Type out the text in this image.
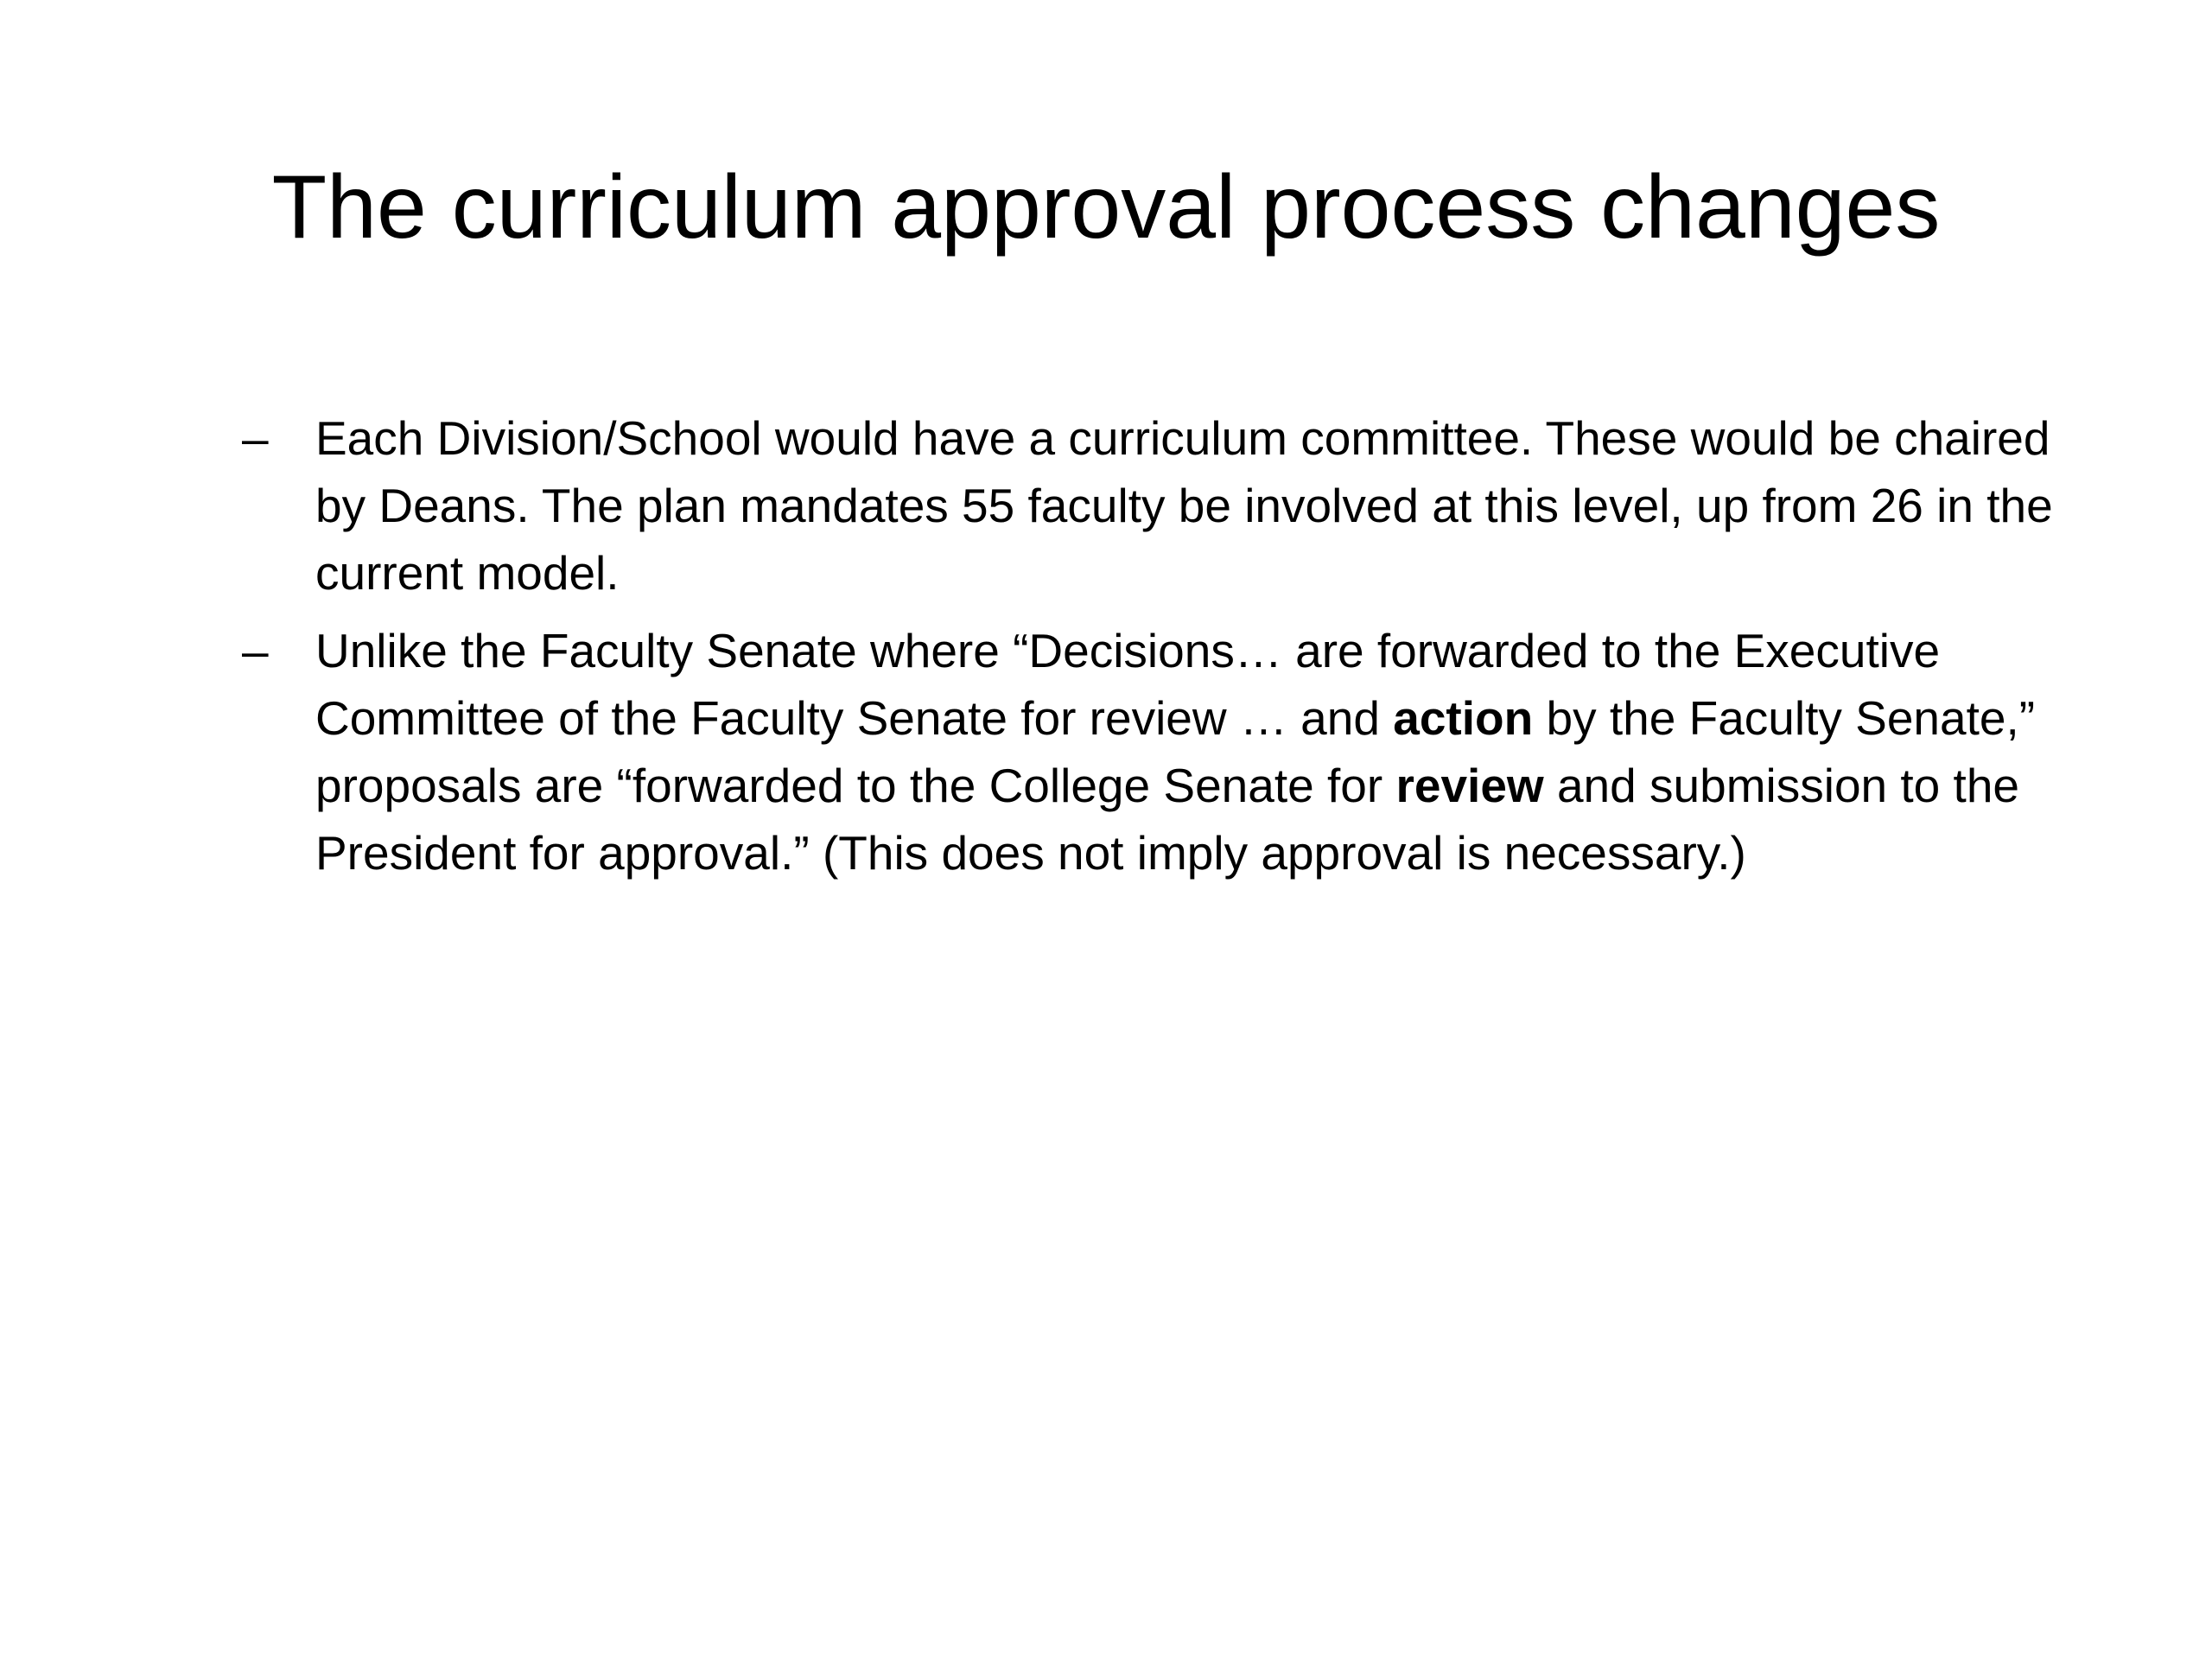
The curriculum approval process changes
– Each Division/School would have a curriculum committee. These would be chaired by Deans. The plan mandates 55 faculty be involved at this level, up from 26 in the current model.
– Unlike the Faculty Senate where “Decisions… are forwarded to the Executive Committee of the Faculty Senate for review … and action by the Faculty Senate,” proposals are “forwarded to the College Senate for review and submission to the President for approval.” (This does not imply approval is necessary.)
